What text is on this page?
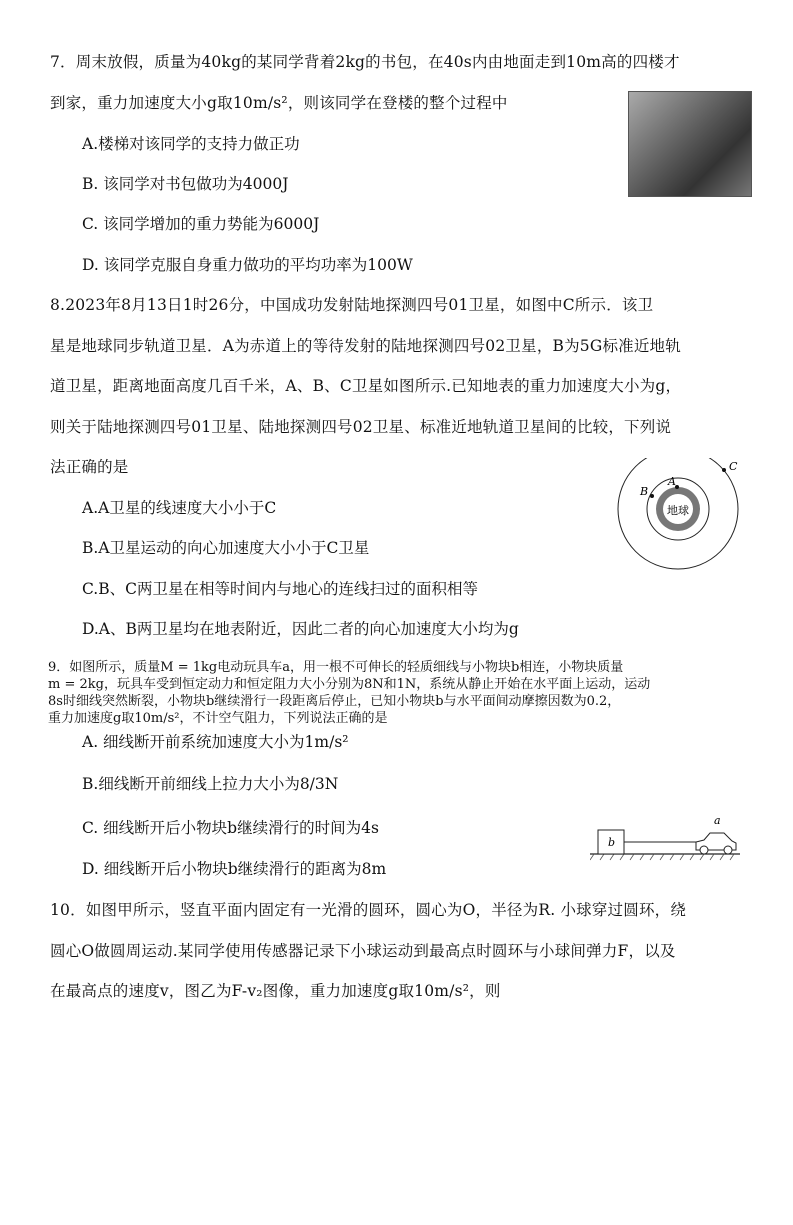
7．周末放假，质量为40kg的某同学背着2kg的书包，在40s内由地面走到10m高的四楼才
到家，重力加速度大小g取10m/s²，则该同学在登楼的整个过程中
A.楼梯对该同学的支持力做正功
B. 该同学对书包做功为4000J
C. 该同学增加的重力势能为6000J
D. 该同学克服自身重力做功的平均功率为100W
8.2023年8月13日1时26分，中国成功发射陆地探测四号01卫星，如图中C所示．该卫
星是地球同步轨道卫星．A为赤道上的等待发射的陆地探测四号02卫星，B为5G标准近地轨
道卫星，距离地面高度几百千米，A、B、C卫星如图所示.已知地表的重力加速度大小为g，
则关于陆地探测四号01卫星、陆地探测四号02卫星、标准近地轨道卫星间的比较，下列说
法正确的是
地球
A
B
C
A.A卫星的线速度大小小于C
B.A卫星运动的向心加速度大小小于C卫星
C.B、C两卫星在相等时间内与地心的连线扫过的面积相等
D.A、B两卫星均在地表附近，因此二者的向心加速度大小均为g
9．如图所示，质量M = 1kg电动玩具车a，用一根不可伸长的轻质细线与小物块b相连，小物块质量
m = 2kg，玩具车受到恒定动力和恒定阻力大小分别为8N和1N，系统从静止开始在水平面上运动，运动
8s时细线突然断裂，小物块b继续滑行一段距离后停止，已知小物块b与水平面间动摩擦因数为0.2，
重力加速度g取10m/s²，不计空气阻力，下列说法正确的是
A. 细线断开前系统加速度大小为1m/s²
B.细线断开前细线上拉力大小为8/3N
C. 细线断开后小物块b继续滑行的时间为4s
D. 细线断开后小物块b继续滑行的距离为8m
b
a
10．如图甲所示，竖直平面内固定有一光滑的圆环，圆心为O，半径为R. 小球穿过圆环，绕
圆心O做圆周运动.某同学使用传感器记录下小球运动到最高点时圆环与小球间弹力F，以及
在最高点的速度v，图乙为F-v₂图像，重力加速度g取10m/s²，则
